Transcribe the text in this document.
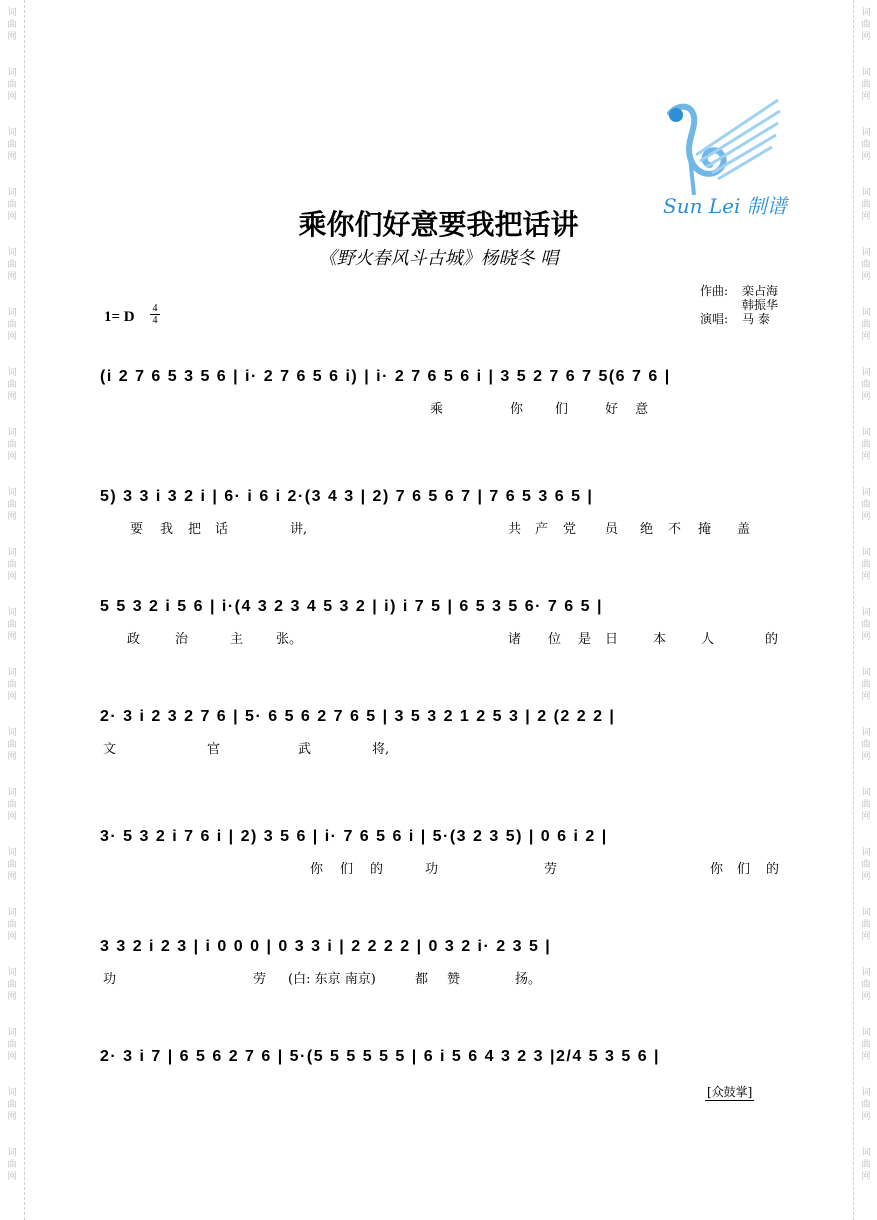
词
曲
网
词
曲
网
词
曲
网
词
曲
网
词
曲
网
词
曲
网
词
曲
网
词
曲
网
词
曲
网
词
曲
网
词
曲
网
词
曲
网
词
曲
网
词
曲
网
词
曲
网
词
曲
网
词
曲
网
词
曲
网
词
曲
网
词
曲
网
词
曲
网
词
曲
网
词
曲
网
词
曲
网
词
曲
网
词
曲
网
词
曲
网
词
曲
网
词
曲
网
词
曲
网
词
曲
网
词
曲
网
词
曲
网
词
曲
网
词
曲
网
词
曲
网
词
曲
网
词
曲
网
词
曲
网
词
曲
网
Sun Lei 制谱
乘你们好意要我把话讲
《野火春风斗古城》杨晓冬 唱
1= D
4
4
作曲: 栾占海
韩振华
演唱: 马 泰
(i 2 7 6 5 3 5 6 | i· 2 7 6 5 6 i) | i· 2 7 6 5 6 i | 3 5 2 7 6 7 5(6 7 6 |
乘	你 们	好 意
5) 3 3 i 3 2 i | 6· i 6 i 2·(3 4 3 | 2) 7 6 5 6 7 | 7 6 5 3 6 5 |
要 我 把 话	讲,	共 产 党 员 绝 不 掩 盖
5 5 3 2 i 5 6 | i·(4 3 2 3 4 5 3 2 | i) i 7 5 | 6 5 3 5 6· 7 6 5 |
政	治	主	张。	诸 位 是 日	本	人	的
2· 3 i 2 3 2 7 6 | 5· 6 5 6 2 7 6 5 | 3 5 3 2 1 2 5 3 | 2 (2 2 2 |
文	官	武	将,
3· 5 3 2 i 7 6 i | 2) 3 5 6 | i· 7 6 5 6 i | 5·(3 2 3 5) | 0 6 i 2 |
你 们 的	功	劳	你 们 的
3 3 2 i 2 3 | i 0 0 0 | 0 3 3 i | 2 2 2 2 | 0 3 2 i· 2 3 5 |
功	劳 (白: 东京 南京)	都 赞	扬。
2· 3 i 7 | 6 5 6 2 7 6 | 5·(5 5 5 5 5 5 | 6 i 5 6 4 3 2 3 |2/4 5 3 5 6 |
[众鼓掌]
